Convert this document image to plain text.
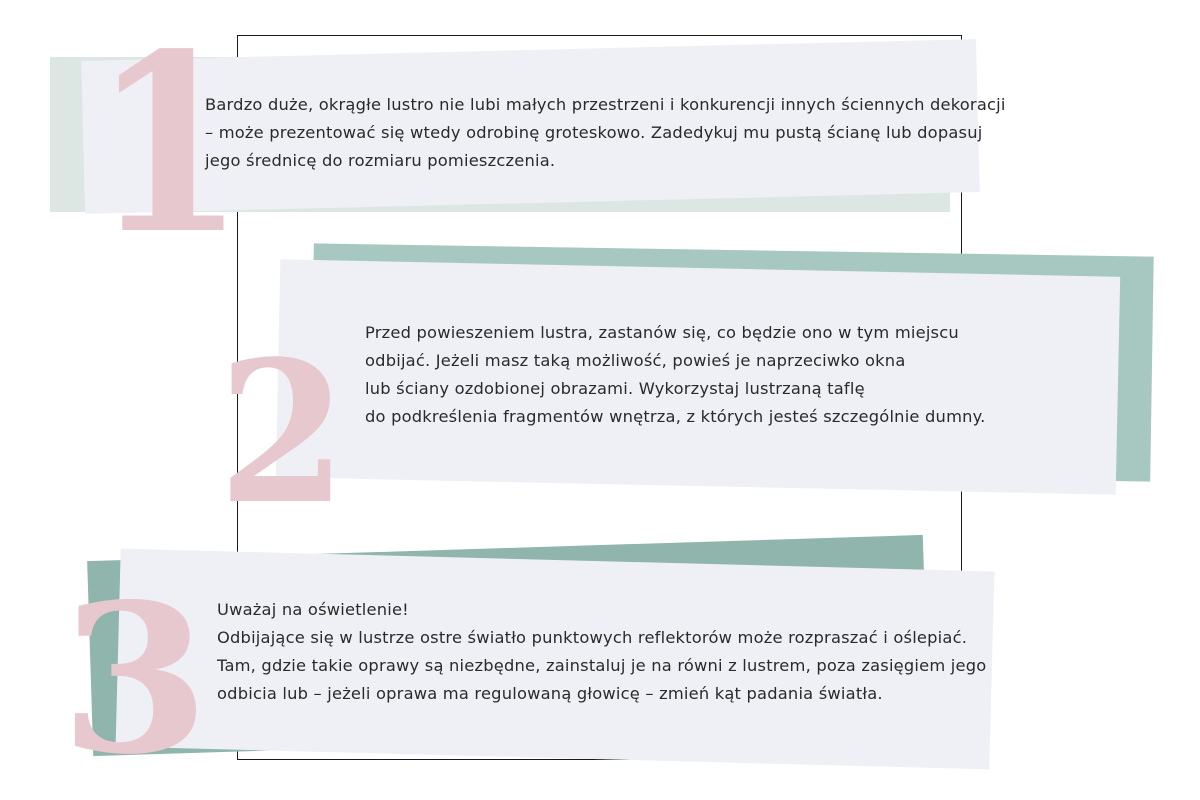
1
Bardzo duże, okrągłe lustro nie lubi małych przestrzeni i konkurencji innych ściennych dekoracji
– może prezentować się wtedy odrobinę groteskowo. Zadedykuj mu pustą ścianę lub dopasuj
jego średnicę do rozmiaru pomieszczenia.
2 Przed powieszeniem lustra, zastanów się, co będzie ono w tym miejscu
odbijać. Jeżeli masz taką możliwość, powieś je naprzeciwko okna
lub ściany ozdobionej obrazami. Wykorzystaj lustrzaną taflę
do podkreślenia fragmentów wnętrza, z których jesteś szczególnie dumny.
3 Uważaj na oświetlenie!
Odbijające się w lustrze ostre światło punktowych reflektorów może rozpraszać i oślepiać.
Tam, gdzie takie oprawy są niezbędne, zainstaluj je na równi z lustrem, poza zasięgiem jego
odbicia lub – jeżeli oprawa ma regulowaną głowicę – zmień kąt padania światła.
